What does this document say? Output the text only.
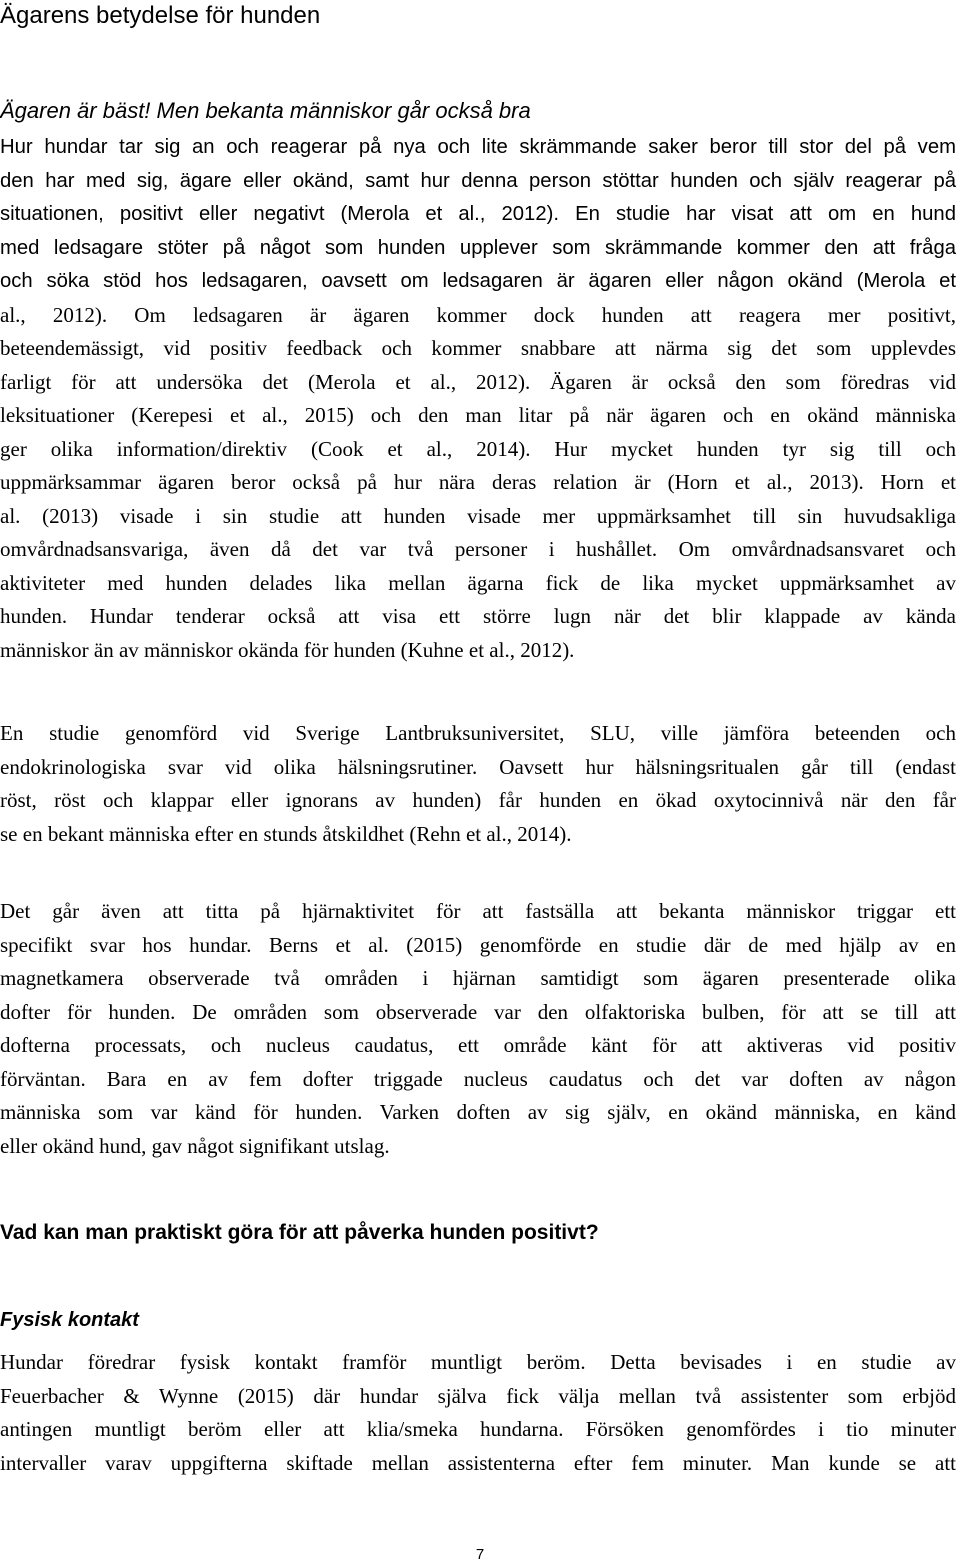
Ägarens betydelse för hunden
Ägaren är bäst! Men bekanta människor går också bra
Hur hundar tar sig an och reagerar på nya och lite skrämmande saker beror till stor del på vem
den har med sig, ägare eller okänd, samt hur denna person stöttar hunden och själv reagerar på
situationen, positivt eller negativt (Merola et al., 2012). En studie har visat att om en hund
med ledsagare stöter på något som hunden upplever som skrämmande kommer den att fråga
och söka stöd hos ledsagaren, oavsett om ledsagaren är ägaren eller någon okänd (Merola et
al., 2012). Om ledsagaren är ägaren kommer dock hunden att reagera mer positivt,
beteendemässigt, vid positiv feedback och kommer snabbare att närma sig det som upplevdes
farligt för att undersöka det (Merola et al., 2012). Ägaren är också den som föredras vid
leksituationer (Kerepesi et al., 2015) och den man litar på när ägaren och en okänd människa
ger olika information/direktiv (Cook et al., 2014). Hur mycket hunden tyr sig till och
uppmärksammar ägaren beror också på hur nära deras relation är (Horn et al., 2013). Horn et
al. (2013) visade i sin studie att hunden visade mer uppmärksamhet till sin huvudsakliga
omvårdnadsansvariga, även då det var två personer i hushållet. Om omvårdnadsansvaret och
aktiviteter med hunden delades lika mellan ägarna fick de lika mycket uppmärksamhet av
hunden. Hundar tenderar också att visa ett större lugn när det blir klappade av kända
människor än av människor okända för hunden (Kuhne et al., 2012).
En studie genomförd vid Sverige Lantbruksuniversitet, SLU, ville jämföra beteenden och
endokrinologiska svar vid olika hälsningsrutiner. Oavsett hur hälsningsritualen går till (endast
röst, röst och klappar eller ignorans av hunden) får hunden en ökad oxytocinnivå när den får
se en bekant människa efter en stunds åtskildhet (Rehn et al., 2014).
Det går även att titta på hjärnaktivitet för att fastsälla att bekanta människor triggar ett
specifikt svar hos hundar. Berns et al. (2015) genomförde en studie där de med hjälp av en
magnetkamera observerade två områden i hjärnan samtidigt som ägaren presenterade olika
dofter för hunden. De områden som observerade var den olfaktoriska bulben, för att se till att
dofterna processats, och nucleus caudatus, ett område känt för att aktiveras vid positiv
förväntan. Bara en av fem dofter triggade nucleus caudatus och det var doften av någon
människa som var känd för hunden. Varken doften av sig själv, en okänd människa, en känd
eller okänd hund, gav något signifikant utslag.
Vad kan man praktiskt göra för att påverka hunden positivt?
Fysisk kontakt
Hundar föredrar fysisk kontakt framför muntligt beröm. Detta bevisades i en studie av
Feuerbacher & Wynne (2015) där hundar själva fick välja mellan två assistenter som erbjöd
antingen muntligt beröm eller att klia/smeka hundarna. Försöken genomfördes i tio minuter
intervaller varav uppgifterna skiftade mellan assistenterna efter fem minuter. Man kunde se att
7
